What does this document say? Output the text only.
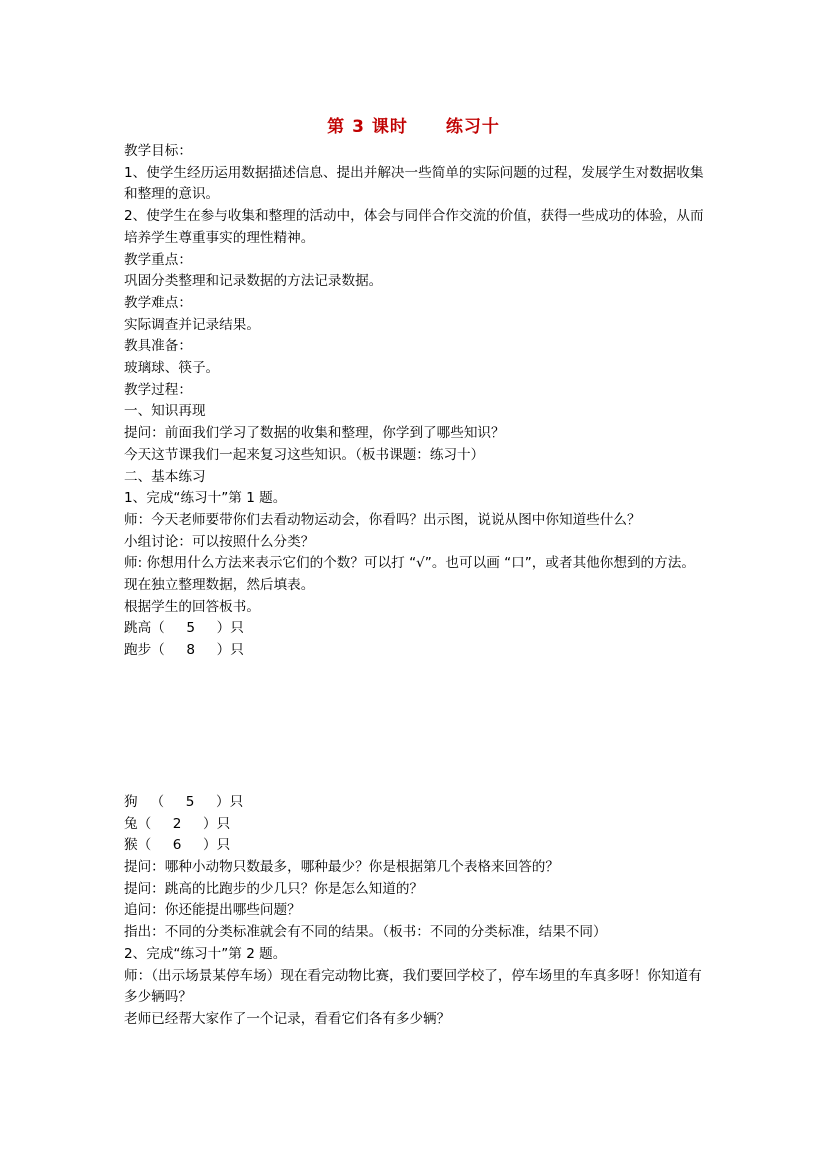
第 3 课时 练习十

教学目标：

1、使学生经历运用数据描述信息、提出并解决一些简单的实际问题的过程，发展学生对数据收集和整理的意识。

2、使学生在参与收集和整理的活动中，体会与同伴合作交流的价值，获得一些成功的体验，从而培养学生尊重事实的理性精神。

教学重点：

巩固分类整理和记录数据的方法记录数据。

教学难点：

实际调查并记录结果。

教具准备：

玻璃球、筷子。

教学过程：

一、知识再现

提问：前面我们学习了数据的收集和整理，你学到了哪些知识？

今天这节课我们一起来复习这些知识。（板书课题：练习十）

二、基本练习

1、完成“练习十”第 1 题。

师：今天老师要带你们去看动物运动会，你看吗？出示图，说说从图中你知道些什么？

小组讨论：可以按照什么分类？

师: 你想用什么方法来表示它们的个数？可以打 “√”。也可以画 “口”，或者其他你想到的方法。

现在独立整理数据，然后填表。

根据学生的回答板书。

跳高（     5     ）只

跑步（     8     ）只

狗   （     5     ）只

兔（     2     ）只

猴（     6     ）只

提问：哪种小动物只数最多，哪种最少？你是根据第几个表格来回答的？

提问：跳高的比跑步的少几只？你是怎么知道的？

追问：你还能提出哪些问题？

指出：不同的分类标准就会有不同的结果。（板书：不同的分类标准，结果不同）

2、完成“练习十”第 2 题。

师：（出示场景某停车场）现在看完动物比赛，我们要回学校了，停车场里的车真多呀！你知道有多少辆吗？

老师已经帮大家作了一个记录，看看它们各有多少辆？
